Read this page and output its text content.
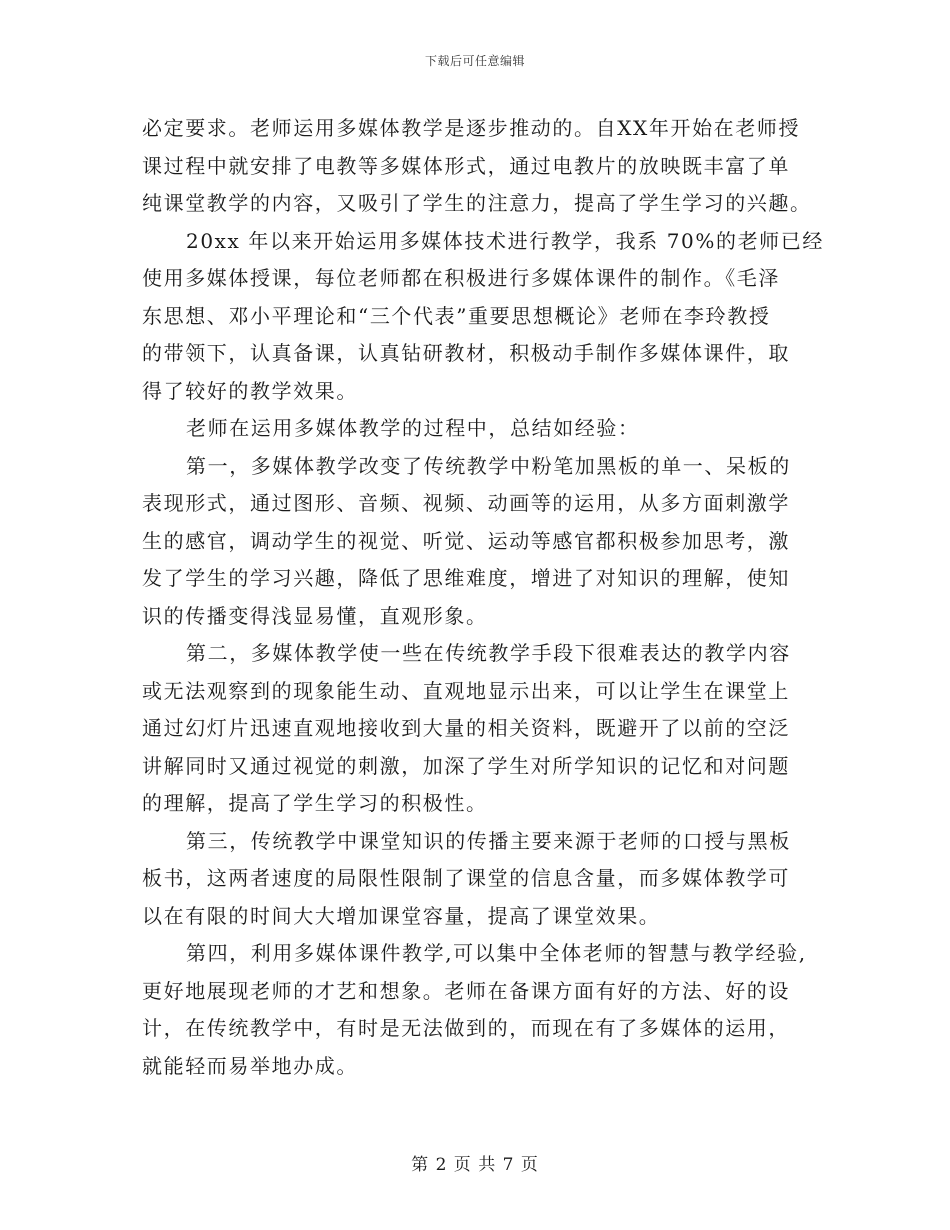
下载后可任意编辑
必定要求。老师运用多媒体教学是逐步推动的。自XX年开始在老师授
课过程中就安排了电教等多媒体形式，通过电教片的放映既丰富了单
纯课堂教学的内容，又吸引了学生的注意力，提高了学生学习的兴趣。
20xx 年以来开始运用多媒体技术进行教学，我系 70%的老师已经
使用多媒体授课，每位老师都在积极进行多媒体课件的制作。《毛泽
东思想、邓小平理论和“三个代表”重要思想概论》老师在李玲教授
的带领下，认真备课，认真钻研教材，积极动手制作多媒体课件，取
得了较好的教学效果。
老师在运用多媒体教学的过程中，总结如经验：
第一，多媒体教学改变了传统教学中粉笔加黑板的单一、呆板的
表现形式，通过图形、音频、视频、动画等的运用，从多方面刺激学
生的感官，调动学生的视觉、听觉、运动等感官都积极参加思考，激
发了学生的学习兴趣，降低了思维难度，增进了对知识的理解，使知
识的传播变得浅显易懂，直观形象。
第二，多媒体教学使一些在传统教学手段下很难表达的教学内容
或无法观察到的现象能生动、直观地显示出来，可以让学生在课堂上
通过幻灯片迅速直观地接收到大量的相关资料，既避开了以前的空泛
讲解同时又通过视觉的刺激，加深了学生对所学知识的记忆和对问题
的理解，提高了学生学习的积极性。
第三，传统教学中课堂知识的传播主要来源于老师的口授与黑板
板书，这两者速度的局限性限制了课堂的信息含量，而多媒体教学可
以在有限的时间大大增加课堂容量，提高了课堂效果。
第四，利用多媒体课件教学,可以集中全体老师的智慧与教学经验,
更好地展现老师的才艺和想象。老师在备课方面有好的方法、好的设
计，在传统教学中，有时是无法做到的，而现在有了多媒体的运用，
就能轻而易举地办成。
第 2 页 共 7 页
